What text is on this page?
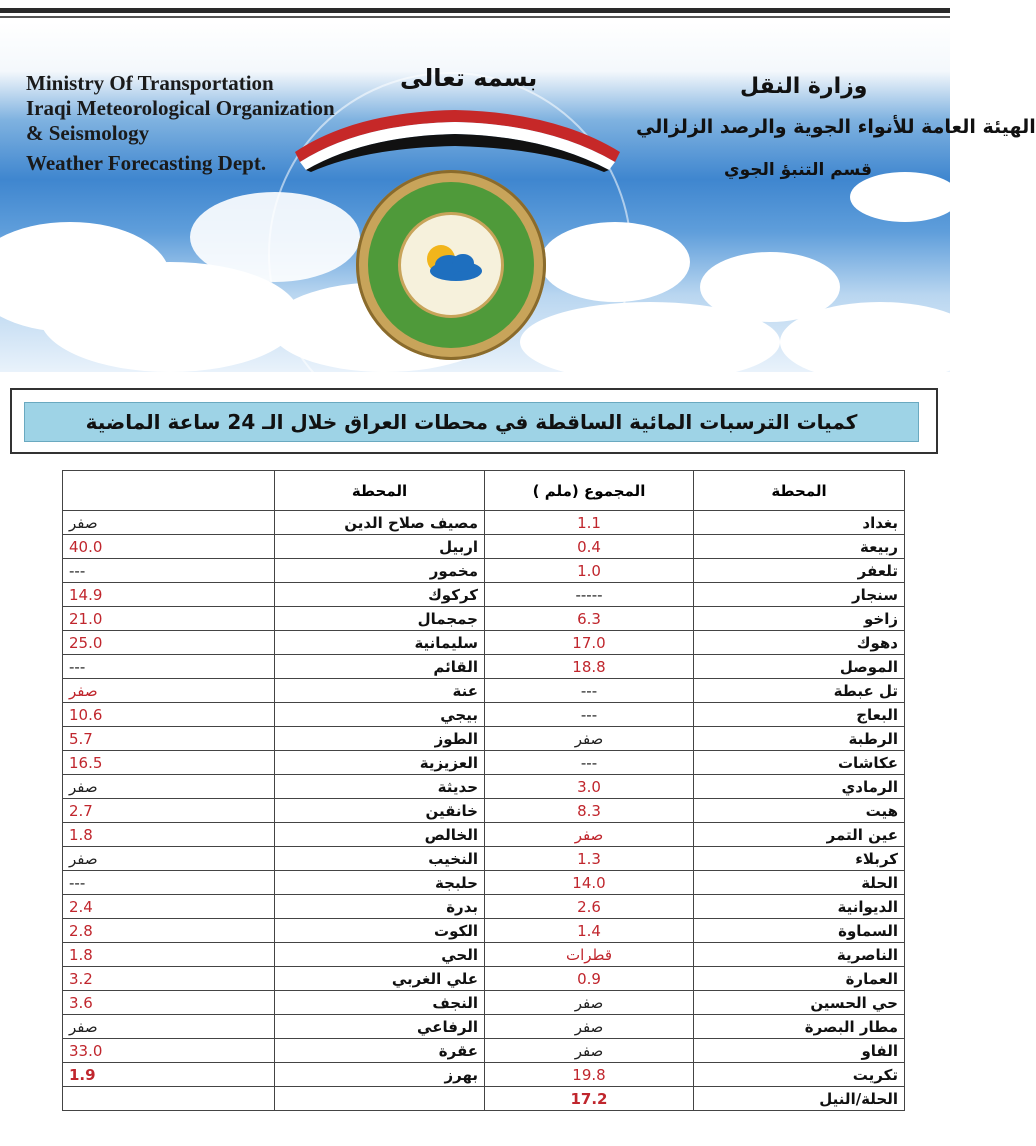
Ministry Of Transportation
Iraqi Meteorological Organization
& Seismology
Weather Forecasting Dept.
بسمه تعالى	وزارة النقل
الهيئة العامة للأنواء الجوية والرصد الزلزالي
قسم التنبؤ الجوي
كميات الترسبات المائية الساقطة في محطات العراق خلال الـ 24 ساعة الماضية
	المحطة	المجموع (ملم )	المحطة
صفر	مصيف صلاح الدين	1.1	بغداد
40.0	اربيل	0.4	ربيعة
---	مخمور	1.0	تلعفر
14.9	كركوك	-----	سنجار
21.0	جمجمال	6.3	زاخو
25.0	سليمانية	17.0	دهوك
---	القائم	18.8	الموصل
صفر	عنة	---	تل عبطة
10.6	بيجي	---	البعاج
5.7	الطوز	صفر	الرطبة
16.5	العزيزية	---	عكاشات
صفر	حديثة	3.0	الرمادي
2.7	خانقين	8.3	هيت
1.8	الخالص	صفر	عين التمر
صفر	النخيب	1.3	كربلاء
---	حلبجة	14.0	الحلة
2.4	بدرة	2.6	الديوانية
2.8	الكوت	1.4	السماوة
1.8	الحي	قطرات	الناصرية
3.2	علي الغربي	0.9	العمارة
3.6	النجف	صفر	حي الحسين
صفر	الرفاعي	صفر	مطار البصرة
33.0	عقرة	صفر	الفاو
1.9	بهرز	19.8	تكريت
		17.2	الحلة/النيل
